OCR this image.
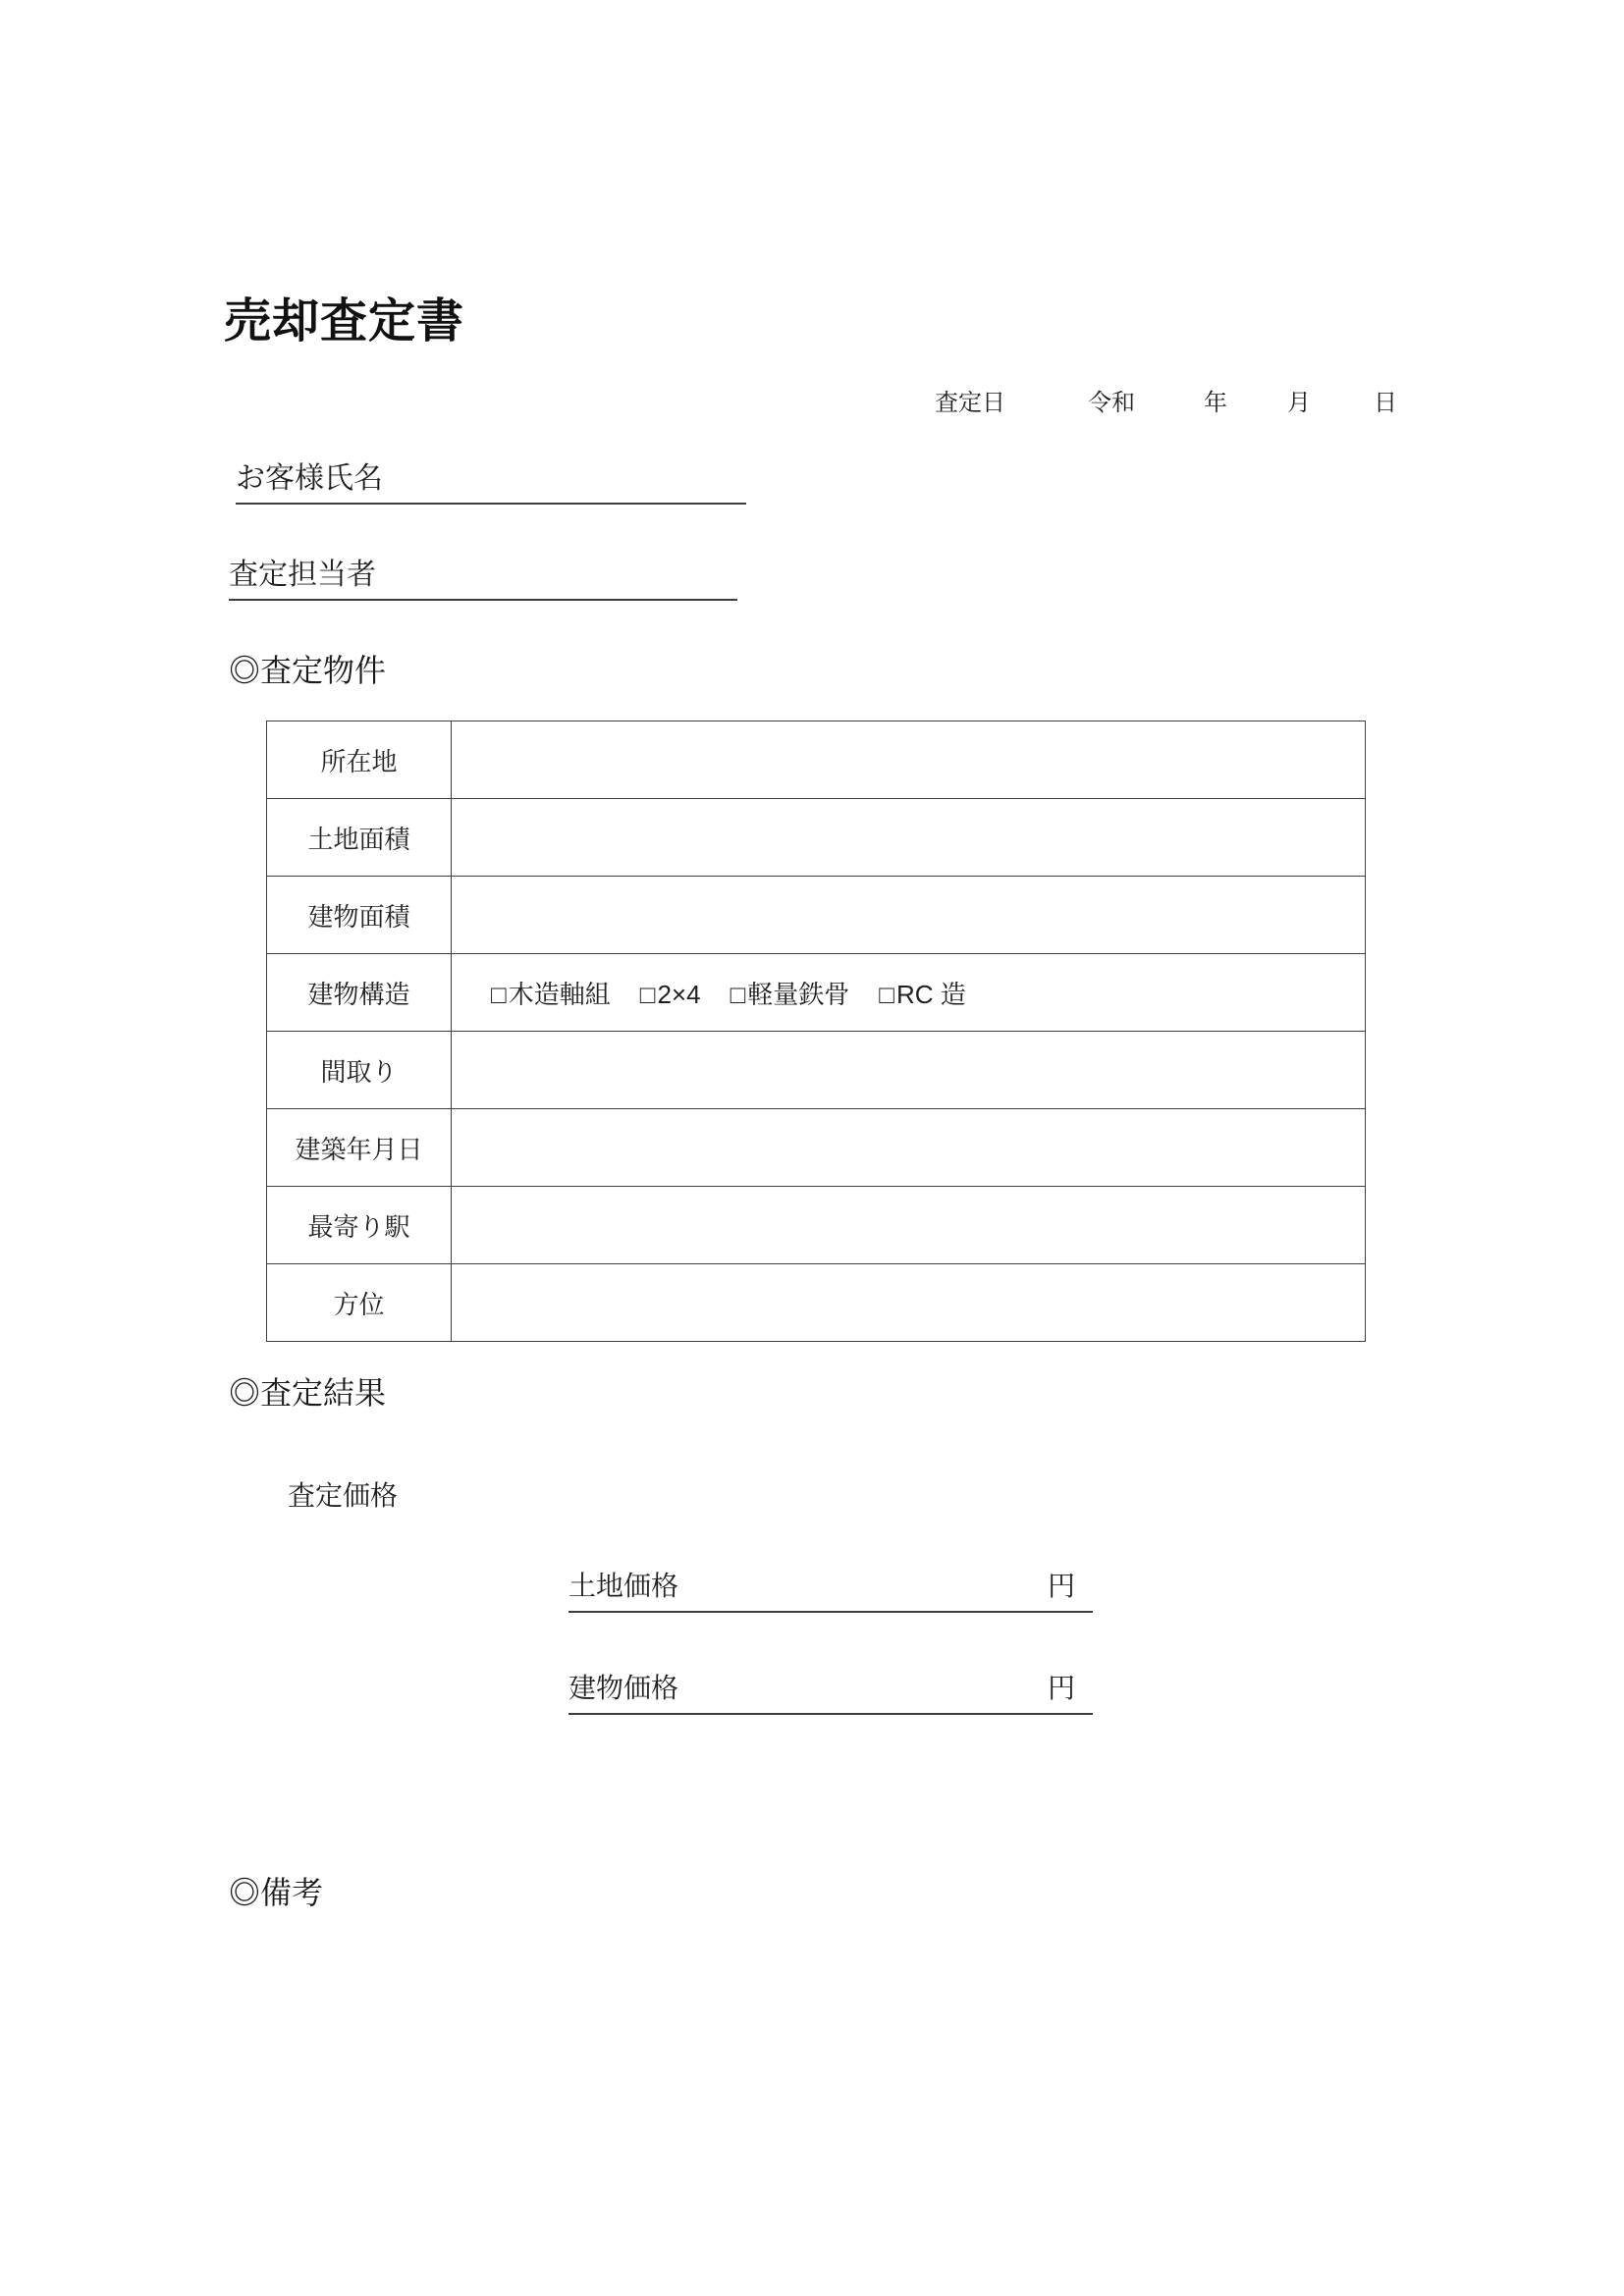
売却査定書
査定日	令和	年	月	日
お客様氏名
査定担当者
◎査定物件
所在地	
土地面積	
建物面積	
建物構造	□ 木造軸組 □ 2×4 □ 軽量鉄骨 □ RC 造

間取り	
建築年月日	
最寄り駅	
方位	
◎査定結果
査定価格
土地価格	円
建物価格	円
◎備考
